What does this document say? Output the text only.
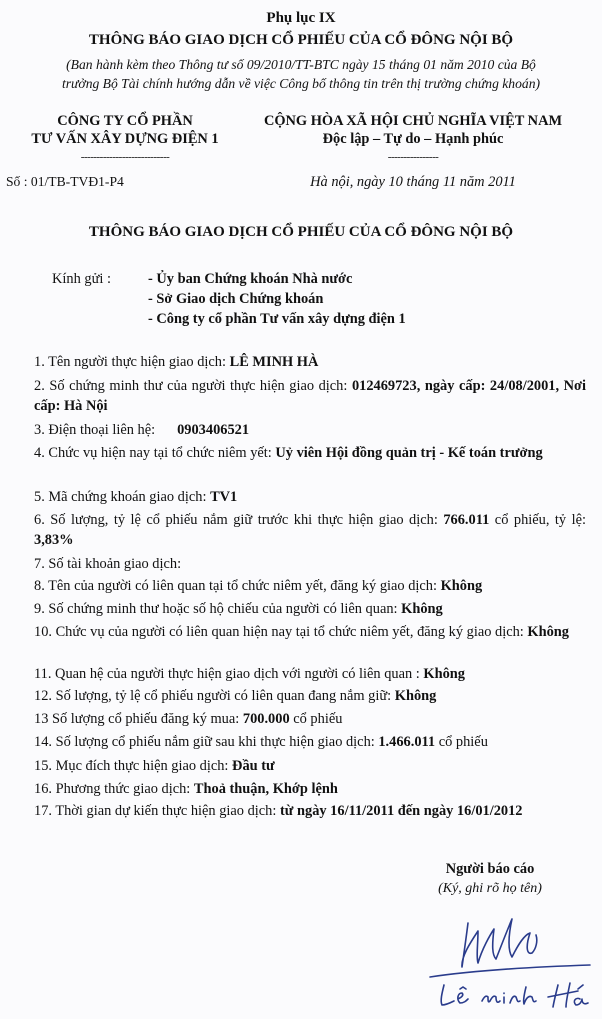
Phụ lục IX
THÔNG BÁO GIAO DỊCH CỔ PHIẾU CỦA CỔ ĐÔNG NỘI BỘ
(Ban hành kèm theo Thông tư số 09/2010/TT-BTC ngày 15 tháng 01 năm 2010 của Bộ
trưởng Bộ Tài chính hướng dẫn về việc Công bố thông tin trên thị trường chứng khoán)
CÔNG TY CỔ PHẦN
TƯ VẤN XÂY DỰNG ĐIỆN 1
----------------------------
Số : 01/TB-TVĐ1-P4
CỘNG HÒA XÃ HỘI CHỦ NGHĨA VIỆT NAM
Độc lập – Tự do – Hạnh phúc
----------------
Hà nội, ngày 10 tháng 11 năm 2011
THÔNG BÁO GIAO DỊCH CỔ PHIẾU CỦA CỔ ĐÔNG NỘI BỘ
Kính gửi :	- Ủy ban Chứng khoán Nhà nước
- Sở Giao dịch Chứng khoán
- Công ty cổ phần Tư vấn xây dựng điện 1
1. Tên người thực hiện giao dịch: LÊ MINH HÀ
2. Số chứng minh thư của người thực hiện giao dịch: 012469723, ngày cấp: 24/08/2001, Nơi cấp: Hà Nội
3. Điện thoại liên hệ: 0903406521
4. Chức vụ hiện nay tại tổ chức niêm yết: Uỷ viên Hội đồng quản trị - Kế toán trưởng
5. Mã chứng khoán giao dịch: TV1
6. Số lượng, tỷ lệ cổ phiếu nắm giữ trước khi thực hiện giao dịch: 766.011 cổ phiếu, tỷ lệ: 3,83%
7. Số tài khoản giao dịch:
8. Tên của người có liên quan tại tổ chức niêm yết, đăng ký giao dịch: Không
9. Số chứng minh thư hoặc số hộ chiếu của người có liên quan: Không
10. Chức vụ của người có liên quan hiện nay tại tổ chức niêm yết, đăng ký giao dịch: Không
11. Quan hệ của người thực hiện giao dịch với người có liên quan : Không
12. Số lượng, tỷ lệ cổ phiếu người có liên quan đang nắm giữ: Không
13 Số lượng cổ phiếu đăng ký mua: 700.000 cổ phiếu
14. Số lượng cổ phiếu nắm giữ sau khi thực hiện giao dịch: 1.466.011 cổ phiếu
15. Mục đích thực hiện giao dịch: Đầu tư
16. Phương thức giao dịch: Thoả thuận, Khớp lệnh
17. Thời gian dự kiến thực hiện giao dịch: từ ngày 16/11/2011 đến ngày 16/01/2012
Người báo cáo
(Ký, ghi rõ họ tên)
